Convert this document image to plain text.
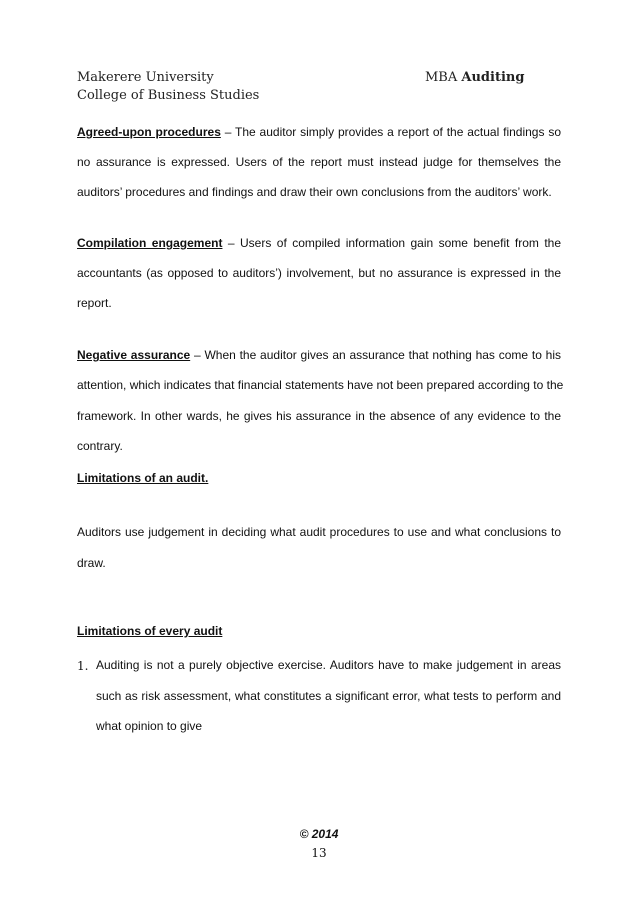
Makerere University
College of Business Studies
MBA Auditing
Agreed-upon procedures – The auditor simply provides a report of the actual findings so
no assurance is expressed. Users of the report must instead judge for themselves the
auditors’ procedures and findings and draw their own conclusions from the auditors’ work.
Compilation engagement – Users of compiled information gain some benefit from the
accountants (as opposed to auditors’) involvement, but no assurance is expressed in the
report.
Negative assurance – When the auditor gives an assurance that nothing has come to his
attention, which indicates that financial statements have not been prepared according to the
framework. In other wards, he gives his assurance in the absence of any evidence to the
contrary.
Limitations of an audit.
Auditors use judgement in deciding what audit procedures to use and what conclusions to
draw.
Limitations of every audit
1. Auditing is not a purely objective exercise. Auditors have to make judgement in areas
such as risk assessment, what constitutes a significant error, what tests to perform and
what opinion to give
© 2014
13
